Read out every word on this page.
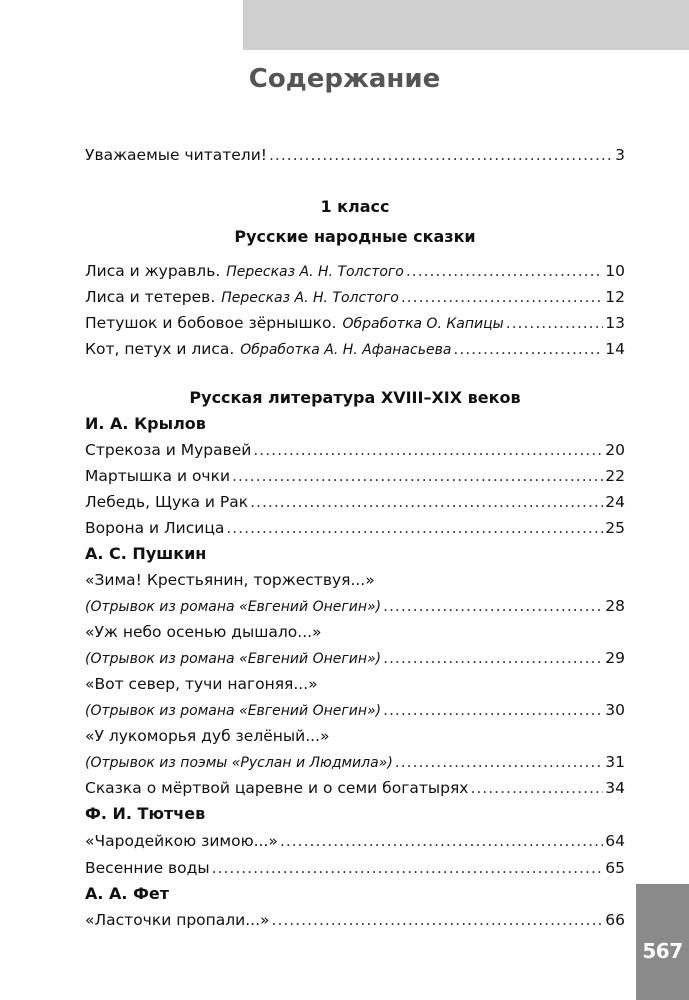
Содержание
Уважаемые читатели! .....	3
1 класс
Русские народные сказки
Лиса и журавль. Пересказ А. Н. Толстого .....	10
Лиса и тетерев. Пересказ А. Н. Толстого .....	12
Петушок и бобовое зёрнышко. Обработка О. Капицы .....	13
Кот, петух и лиса. Обработка А. Н. Афанасьева .....	14
Русская литература XVIII–XIX веков
И. А. Крылов
Стрекоза и Муравей .....	20
Мартышка и очки .....	22
Лебедь, Щука и Рак .....	24
Ворона и Лисица .....	25
А. С. Пушкин
«Зима! Крестьянин, торжествуя...»
(Отрывок из романа «Евгений Онегин») .....	28
«Уж небо осенью дышало...»
(Отрывок из романа «Евгений Онегин») .....	29
«Вот север, тучи нагоняя...»
(Отрывок из романа «Евгений Онегин») .....	30
«У лукоморья дуб зелёный...»
(Отрывок из поэмы «Руслан и Людмила») .....	31
Сказка о мёртвой царевне и о семи богатырях .....	34
Ф. И. Тютчев
«Чародейкою зимою...» .....	64
Весенние воды .....	65
А. А. Фет
«Ласточки пропали...» .....	66
567
